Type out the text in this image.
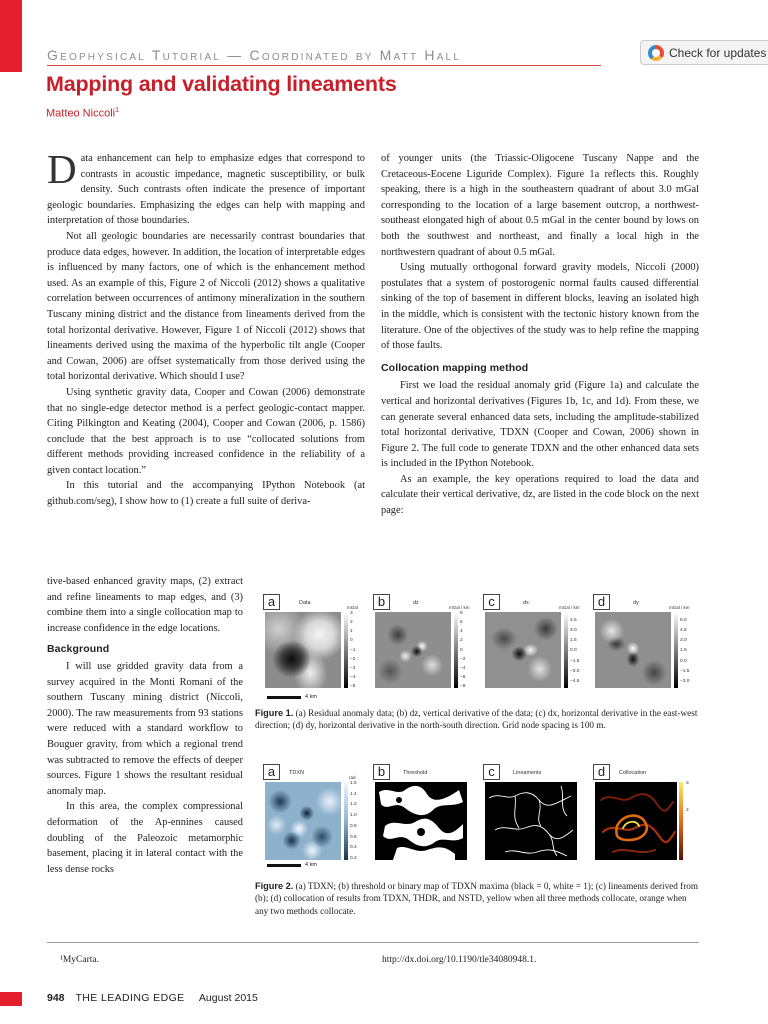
Geophysical Tutorial — Coordinated by Matt Hall	Check for updates
Mapping and validating lineaments
Matteo Niccoli$^1$

Data enhancement can help to emphasize edges that correspond to contrasts in acoustic impedance, magnetic susceptibility, or bulk density. Such contrasts often indicate the presence of important geologic boundaries. Emphasizing the edges can help with mapping and interpretation of those boundaries.

Not all geologic boundaries are necessarily contrast boundaries that produce data edges, however. In addition, the location of interpretable edges is influenced by many factors, one of which is the enhancement method used. As an example of this, Figure 2 of Niccoli (2012) shows a qualitative correlation between occurrences of antimony mineralization in the southern Tuscany mining district and the distance from lineaments derived from the total horizontal derivative. However, Figure 1 of Niccoli (2012) shows that lineaments derived using the maxima of the hyperbolic tilt angle (Cooper and Cowan, 2006) are offset systematically from those derived using the total horizontal derivative. Which should I use?

Using synthetic gravity data, Cooper and Cowan (2006) demonstrate that no single-edge detector method is a perfect geologic-contact mapper. Citing Pilkington and Keating (2004), Cooper and Cowan (2006, p. 1586) conclude that the best approach is to use “collocated solutions from different methods providing increased confidence in the reliability of a given contact location.”

In this tutorial and the accompanying IPython Notebook (at github.com/seg), I show how to (1) create a full suite of deriva-

tive-based enhanced gravity maps, (2) extract and refine lineaments to map edges, and (3) combine them into a single collocation map to increase confidence in the edge locations.

Background

I will use gridded gravity data from a survey acquired in the Monti Romani of the southern Tuscany mining district (Niccoli, 2000). The raw measurements from 93 stations were reduced with a standard workflow to Bouguer gravity, from which a regional trend was subtracted to remove the effects of deeper sources. Figure 1 shows the resultant residual anomaly map.

In this area, the complex compressional deformation of the Ap-ennines caused doubling of the Paleozoic metamorphic basement, placing it in lateral contact with the less dense rocks

of younger units (the Triassic-Oligocene Tuscany Nappe and the Cretaceous-Eocene Liguride Complex). Figure 1a reflects this. Roughly speaking, there is a high in the southeastern quadrant of about 3.0 mGal corresponding to the location of a large basement outcrop, a northwest-southeast elongated high of about 0.5 mGal in the center bound by lows on both the southwest and northeast, and finally a local high in the northwestern quadrant of about 0.5 mGal.

Using mutually orthogonal forward gravity models, Niccoli (2000) postulates that a system of postorogenic normal faults caused differential sinking of the top of basement in different blocks, leaving an isolated high in the middle, which is consistent with the tectonic history known from the literature. One of the objectives of the study was to help refine the mapping of those faults.

Collocation mapping method

First we load the residual anomaly grid (Figure 1a) and calculate the vertical and horizontal derivatives (Figures 1b, 1c, and 1d). From these, we can generate several enhanced data sets, including the amplitude-stabilized total horizontal derivative, TDXN (Cooper and Cowan, 2006) shown in Figure 2. The full code to generate TDXN and the other enhanced data sets is included in the IPython Notebook.

As an example, the key operations required to load the data and calculate their vertical derivative, dz, are listed in the code block on the next page:

a	Data
mGal
3
2
1
0
−1
−2
−3
−4
−5
b	dz
mGal / km
8
6
4
2
0
−2
−4
−6
−8
c	dx
mGal / km
4.5
3.0
1.5
0.0
−1.5
−3.0
−4.5
d	dy
mGal / km
6.0
4.5
3.0
1.5
0.0
−1.5
−3.0
4 km
Figure 1. (a) Residual anomaly data; (b) dz, vertical derivative of the data; (c) dx, horizontal derivative in the east-west direction; (d) dy, horizontal derivative in the north-south direction. Grid node spacing is 100 m.
a	TDXN
rad
1.6
1.4
1.2
1.0
0.8
0.6
0.4
0.2
b	Threshold	c	Lineaments	d	Collocation
3
2
4 km
Figure 2. (a) TDXN; (b) threshold or binary map of TDXN maxima (black = 0, white = 1); (c) lineaments derived from (b); (d) collocation of results from TDXN, THDR, and NSTD, yellow when all three methods collocate, orange when any two methods collocate.
¹MyCarta.	http://dx.doi.org/10.1190/tle34080948.1.
948 THE LEADING EDGE August 2015
